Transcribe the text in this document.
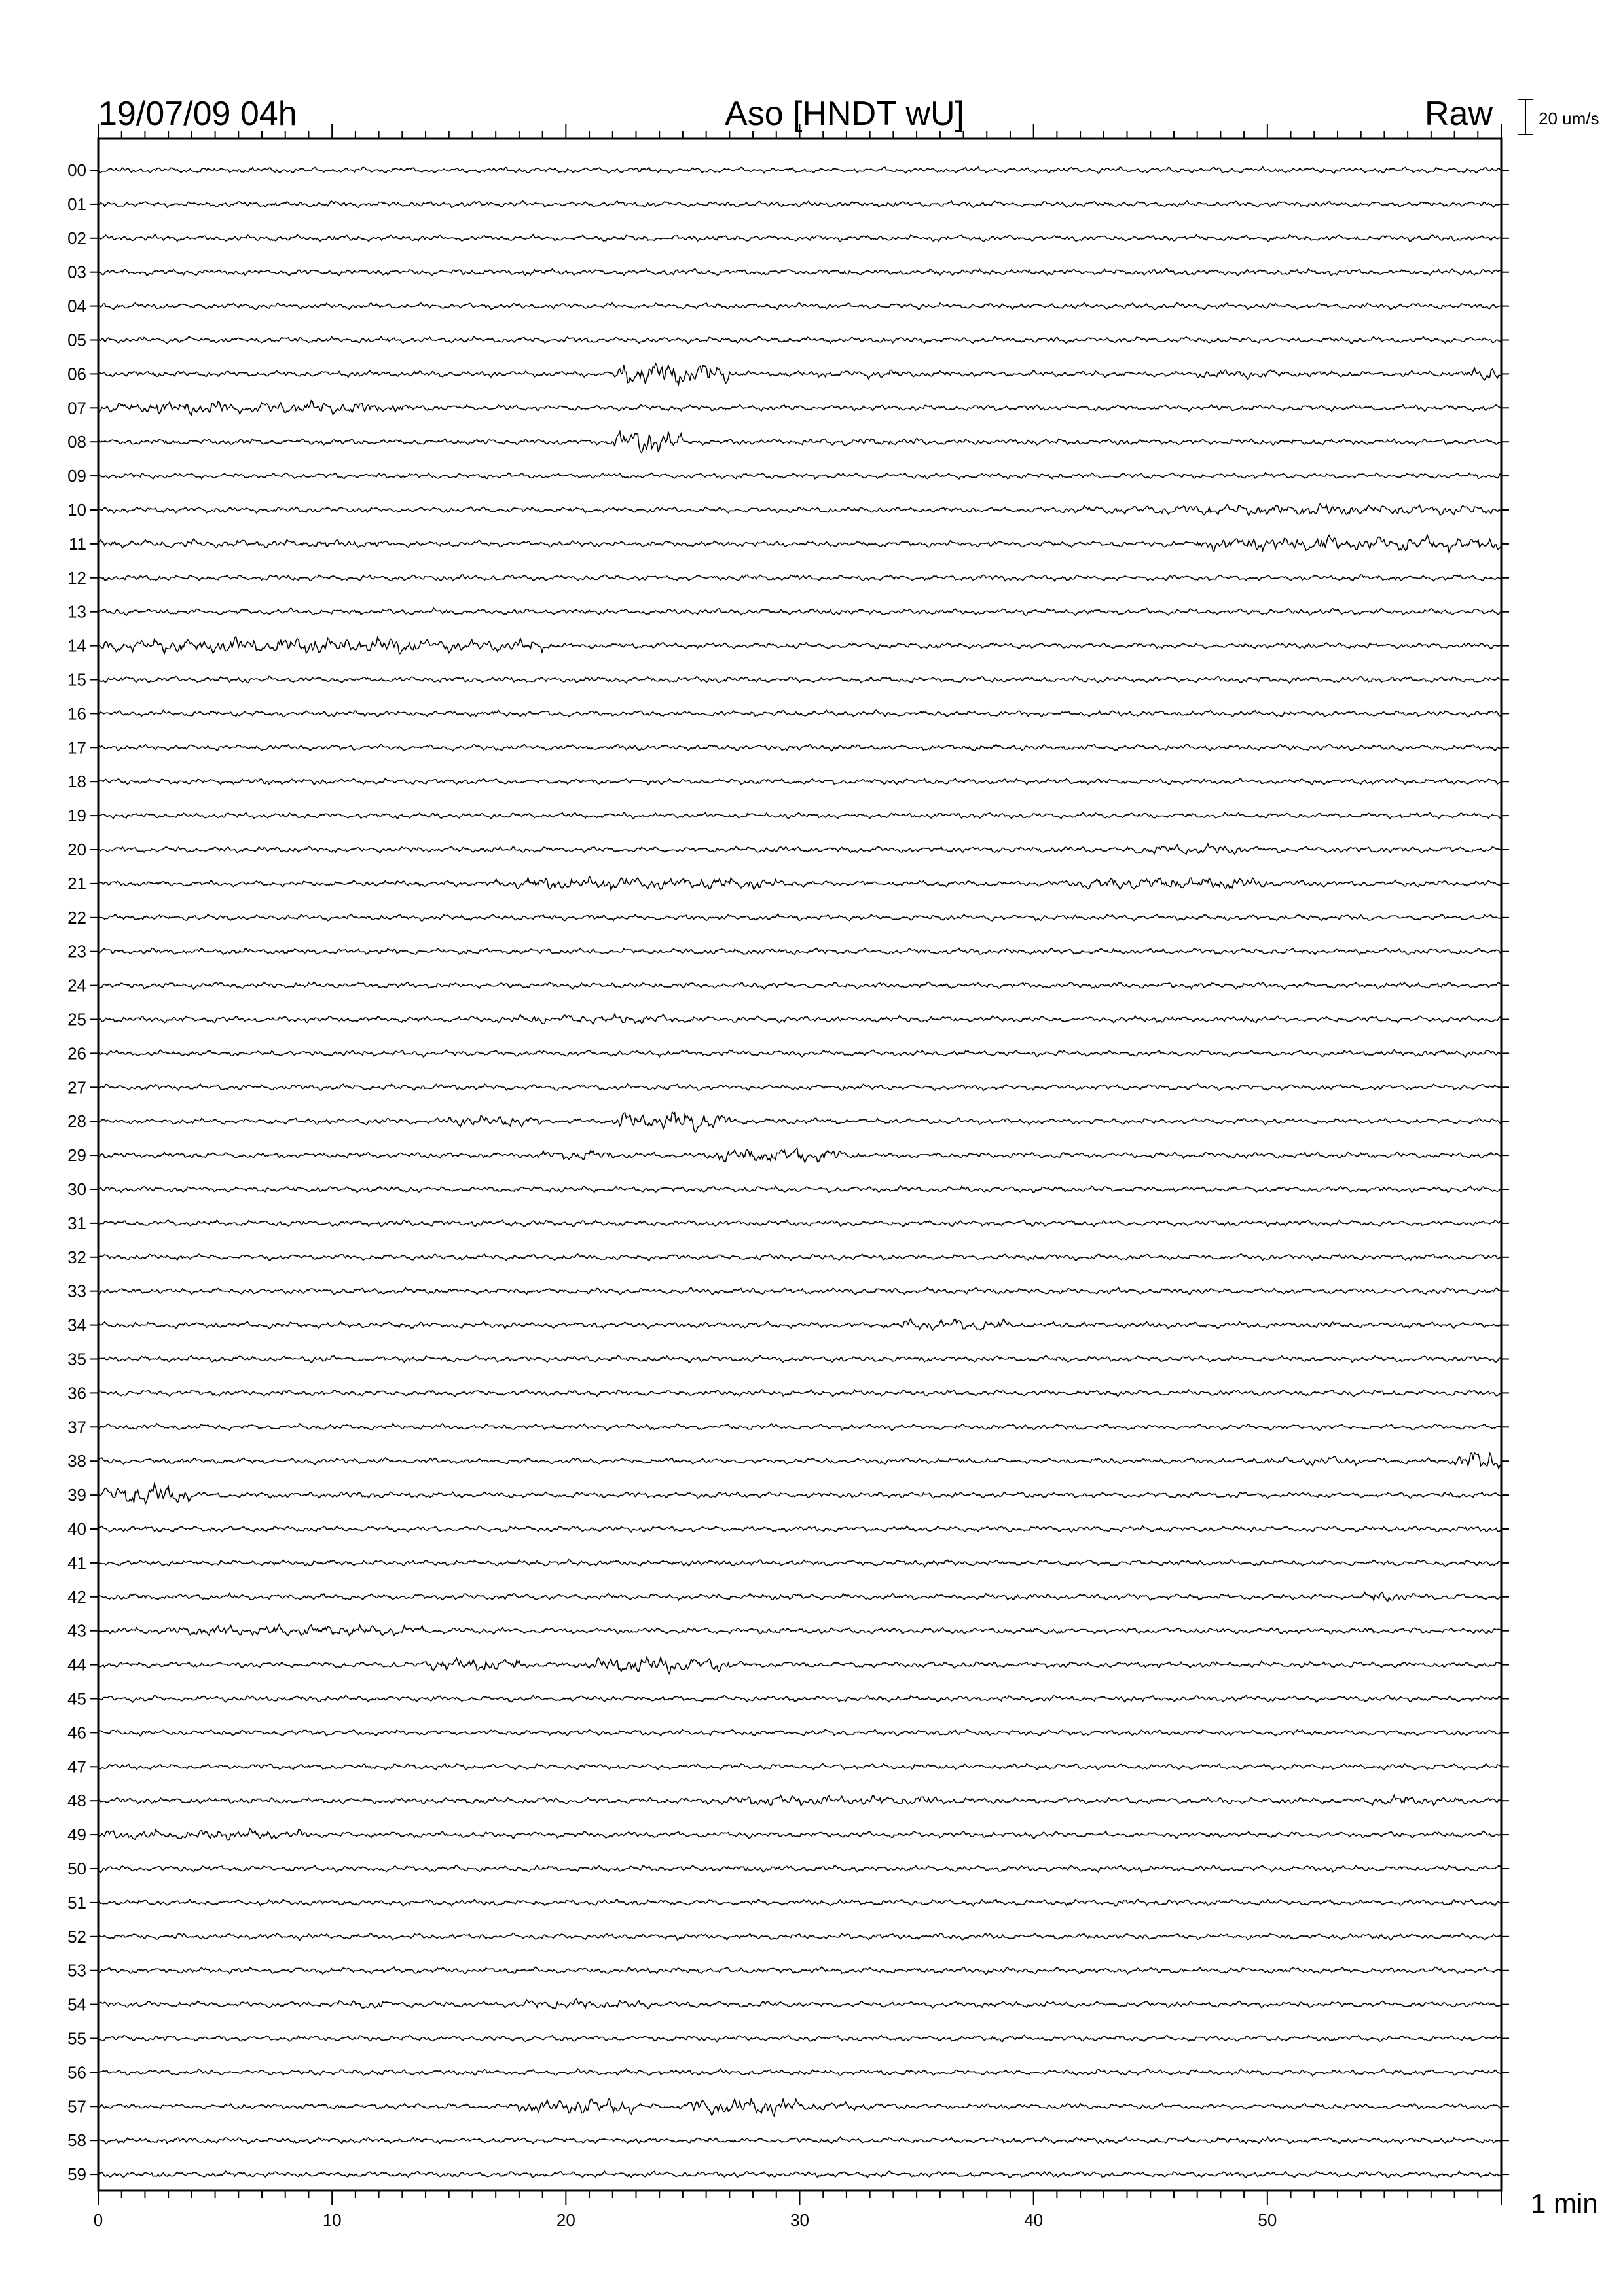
19/07/09 04h	Aso [HNDT wU]	Raw	20 um/s
1 min
00
01
02
03
04
05
06
07
08
09
10
11
12
13
14
15
16
17
18
19
20
21
22
23
24
25
26
27
28
29
30
31
32
33
34
35
36
37
38
39
40
41
42
43
44
45
46
47
48
49
50
51
52
53
54
55
56
57
58
59
0	10	20	30	40	50
